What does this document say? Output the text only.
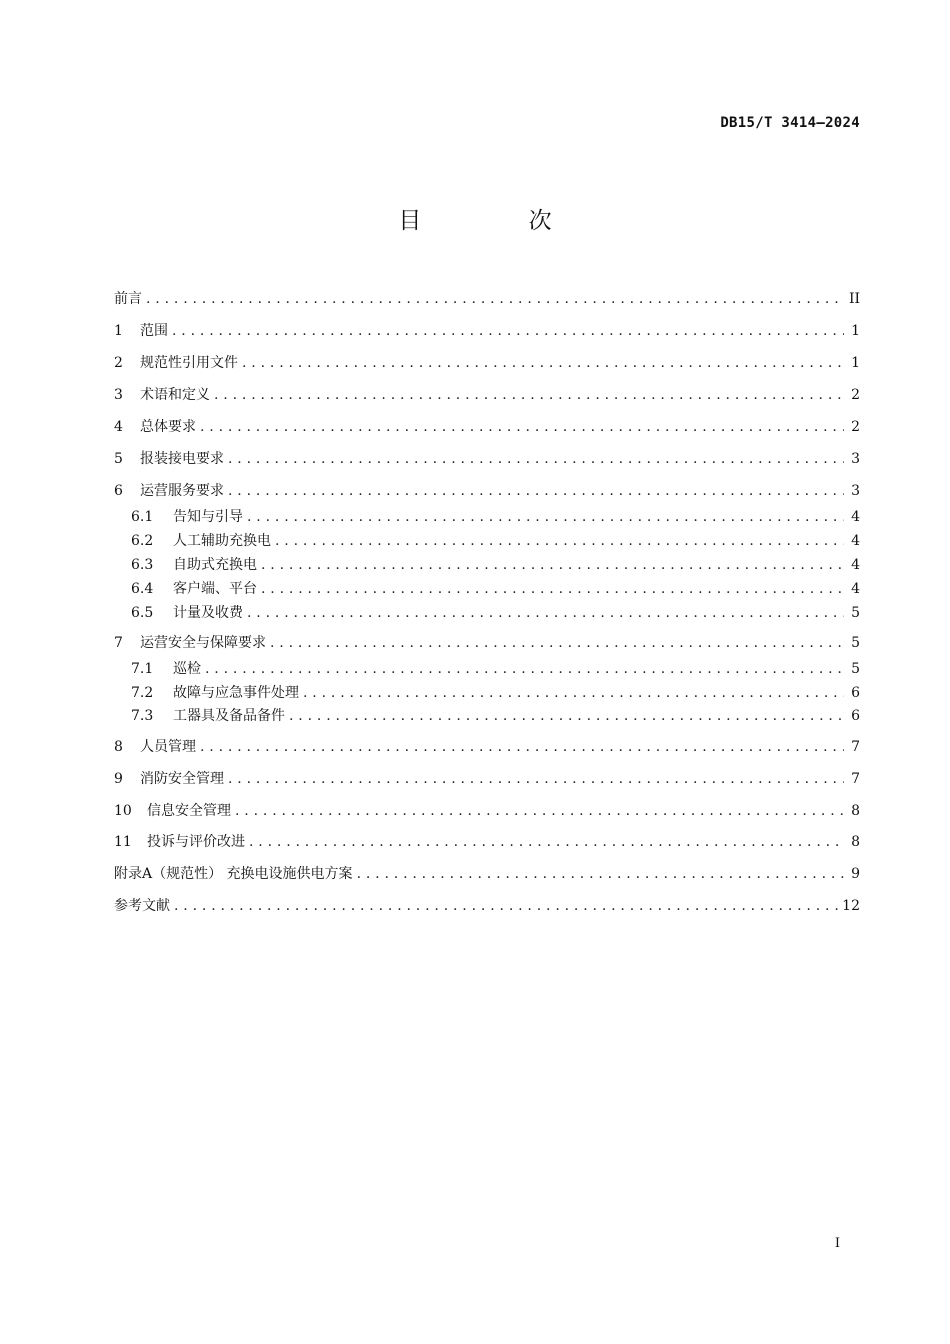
DB15/T 3414—2024
目 次
前言 . . .	II
1	范围 . . .	1
2	规范性引用文件 . . .	1
3	术语和定义 . . .	2
4	总体要求 . . .	2
5	报装接电要求 . . .	3
6	运营服务要求 . . .	3
6.1	告知与引导 . . .	4
6.2	人工辅助充换电 . . .	4
6.3	自助式充换电 . . .	4
6.4	客户端、平台 . . .	4
6.5	计量及收费 . . .	5
7	运营安全与保障要求 . . .	5
7.1	巡检 . . .	5
7.2	故障与应急事件处理 . . .	6
7.3	工器具及备品备件 . . .	6
8	人员管理 . . .	7
9	消防安全管理 . . .	7
10	信息安全管理 . . .	8
11	投诉与评价改进 . . .	8
附录A（规范性） 充换电设施供电方案 . . .	9
参考文献 . . .	12
I
